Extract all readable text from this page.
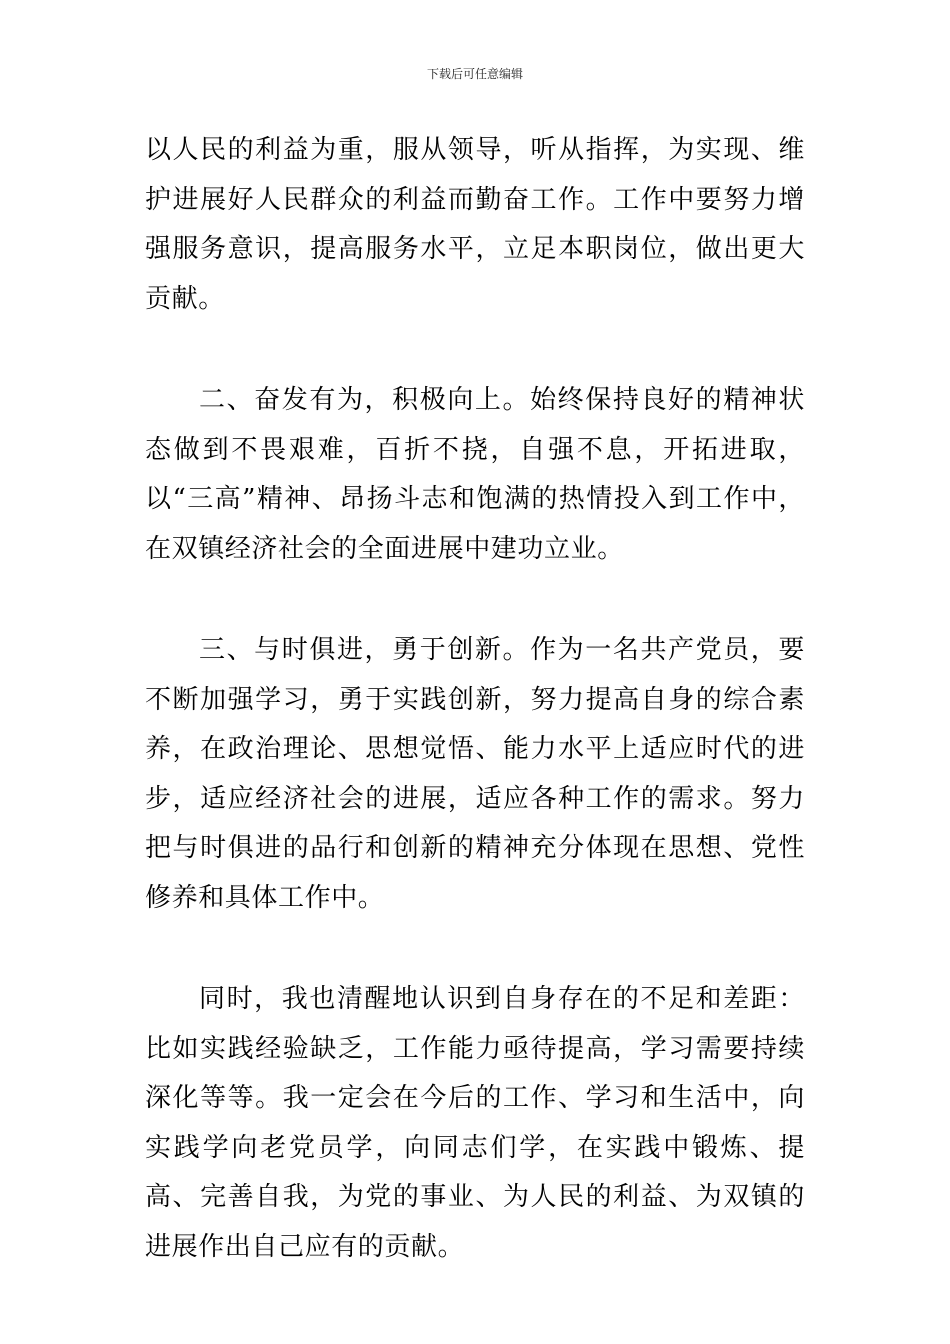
下载后可任意编辑

以人民的利益为重，服从领导，听从指挥，为实现、维护进展好人民群众的利益而勤奋工作。工作中要努力增强服务意识，提高服务水平，立足本职岗位，做出更大贡献。

二、奋发有为，积极向上。始终保持良好的精神状态做到不畏艰难，百折不挠，自强不息，开拓进取，以“三高”精神、昂扬斗志和饱满的热情投入到工作中，在双镇经济社会的全面进展中建功立业。

三、与时俱进，勇于创新。作为一名共产党员，要不断加强学习，勇于实践创新，努力提高自身的综合素养，在政治理论、思想觉悟、能力水平上适应时代的进步，适应经济社会的进展，适应各种工作的需求。努力把与时俱进的品行和创新的精神充分体现在思想、党性修养和具体工作中。

同时，我也清醒地认识到自身存在的不足和差距：比如实践经验缺乏，工作能力亟待提高，学习需要持续深化等等。我一定会在今后的工作、学习和生活中，向实践学向老党员学，向同志们学，在实践中锻炼、提高、完善自我，为党的事业、为人民的利益、为双镇的进展作出自己应有的贡献。
